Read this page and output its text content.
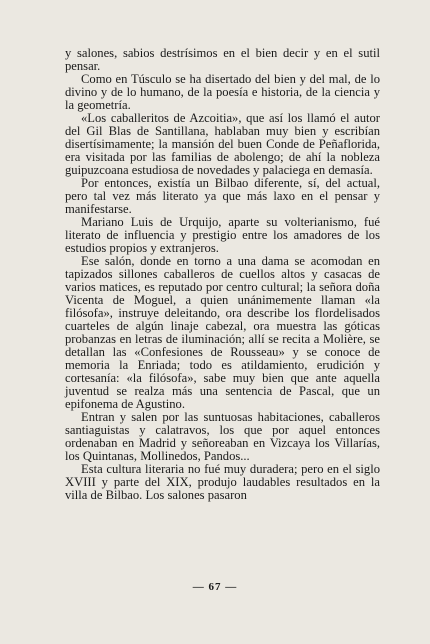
y salones, sabios destrísimos en el bien decir y en el sutil pensar.

Como en Túsculo se ha disertado del bien y del mal, de lo divino y de lo humano, de la poesía e historia, de la ciencia y la geometría.

«Los caballeritos de Azcoitia», que así los llamó el autor del Gil Blas de Santillana, hablaban muy bien y escribían disertísimamente; la mansión del buen Conde de Peñaflorida, era visitada por las familias de abolengo; de ahí la nobleza guipuzcoana estudiosa de novedades y palaciega en demasía.

Por entonces, existía un Bilbao diferente, sí, del actual, pero tal vez más literato ya que más laxo en el pensar y manifestarse.

Mariano Luis de Urquijo, aparte su volterianismo, fué literato de influencia y prestigio entre los amadores de los estudios propios y extranjeros.

Ese salón, donde en torno a una dama se acomodan en tapizados sillones caballeros de cuellos altos y casacas de varios matices, es reputado por centro cultural; la señora doña Vicenta de Moguel, a quien unánimemente llaman «la filósofa», instruye deleitando, ora describe los flordelisados cuarteles de algún linaje cabezal, ora muestra las góticas probanzas en letras de iluminación; allí se recita a Molière, se detallan las «Confesiones de Rousseau» y se conoce de memoria la Enriada; todo es atildamiento, erudición y cortesanía: «la filósofa», sabe muy bien que ante aquella juventud se realza más una sentencia de Pascal, que un epifonema de Agustino.

Entran y salen por las suntuosas habitaciones, caballeros santiaguistas y calatravos, los que por aquel entonces ordenaban en Madrid y señoreaban en Vizcaya los Villarías, los Quintanas, Mollinedos, Pandos...

Esta cultura literaria no fué muy duradera; pero en el siglo XVIII y parte del XIX, produjo laudables resultados en la villa de Bilbao. Los salones pasaron

— 67 —
